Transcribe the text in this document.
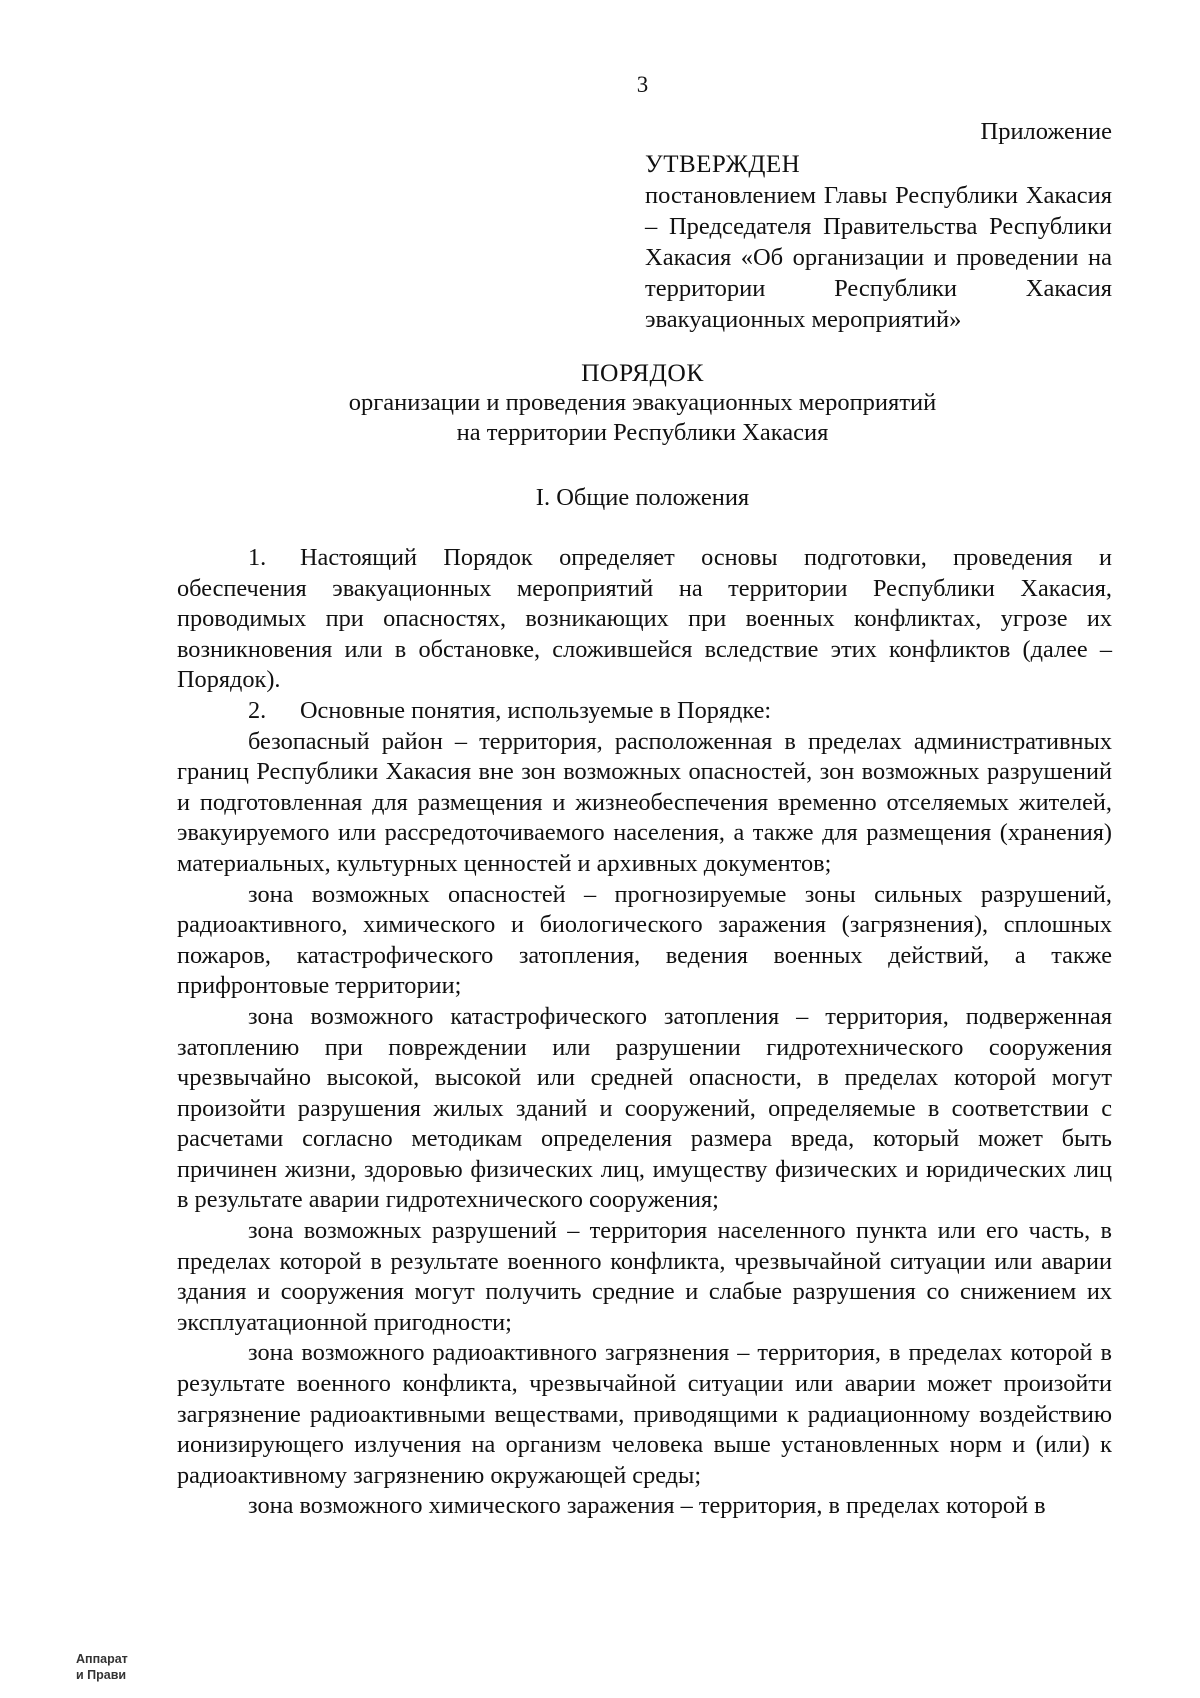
3
Приложение
УТВЕРЖДЕН
постановлением Главы Республики Хакасия – Председателя Правительства Республики Хакасия «Об организации и проведении на территории Республики Хакасия эвакуационных мероприятий»
ПОРЯДОК
организации и проведения эвакуационных мероприятий
на территории Республики Хакасия
I. Общие положения

1. Настоящий Порядок определяет основы подготовки, проведения и обеспечения эвакуационных мероприятий на территории Республики Хакасия, проводимых при опасностях, возникающих при военных конфликтах, угрозе их возникновения или в обстановке, сложившейся вследствие этих конфликтов (далее – Порядок).

2. Основные понятия, используемые в Порядке:

безопасный район – территория, расположенная в пределах административных границ Республики Хакасия вне зон возможных опасностей, зон возможных разрушений и подготовленная для размещения и жизнеобеспечения временно отселяемых жителей, эвакуируемого или рассредоточиваемого населения, а также для размещения (хранения) материальных, культурных ценностей и архивных документов;

зона возможных опасностей – прогнозируемые зоны сильных разрушений, радиоактивного, химического и биологического заражения (загрязнения), сплошных пожаров, катастрофического затопления, ведения военных действий, а также прифронтовые территории;

зона возможного катастрофического затопления – территория, подверженная затоплению при повреждении или разрушении гидротехнического сооружения чрезвычайно высокой, высокой или средней опасности, в пределах которой могут произойти разрушения жилых зданий и сооружений, определяемые в соответствии с расчетами согласно методикам определения размера вреда, который может быть причинен жизни, здоровью физических лиц, имуществу физических и юридических лиц в результате аварии гидротехнического сооружения;

зона возможных разрушений – территория населенного пункта или его часть, в пределах которой в результате военного конфликта, чрезвычайной ситуации или аварии здания и сооружения могут получить средние и слабые разрушения со снижением их эксплуатационной пригодности;

зона возможного радиоактивного загрязнения – территория, в пределах которой в результате военного конфликта, чрезвычайной ситуации или аварии может произойти загрязнение радиоактивными веществами, приводящими к радиационному воздействию ионизирующего излучения на организм человека выше установленных норм и (или) к радиоактивному загрязнению окружающей среды;

зона возможного химического заражения – территория, в пределах которой в

Аппарат
и Прави
